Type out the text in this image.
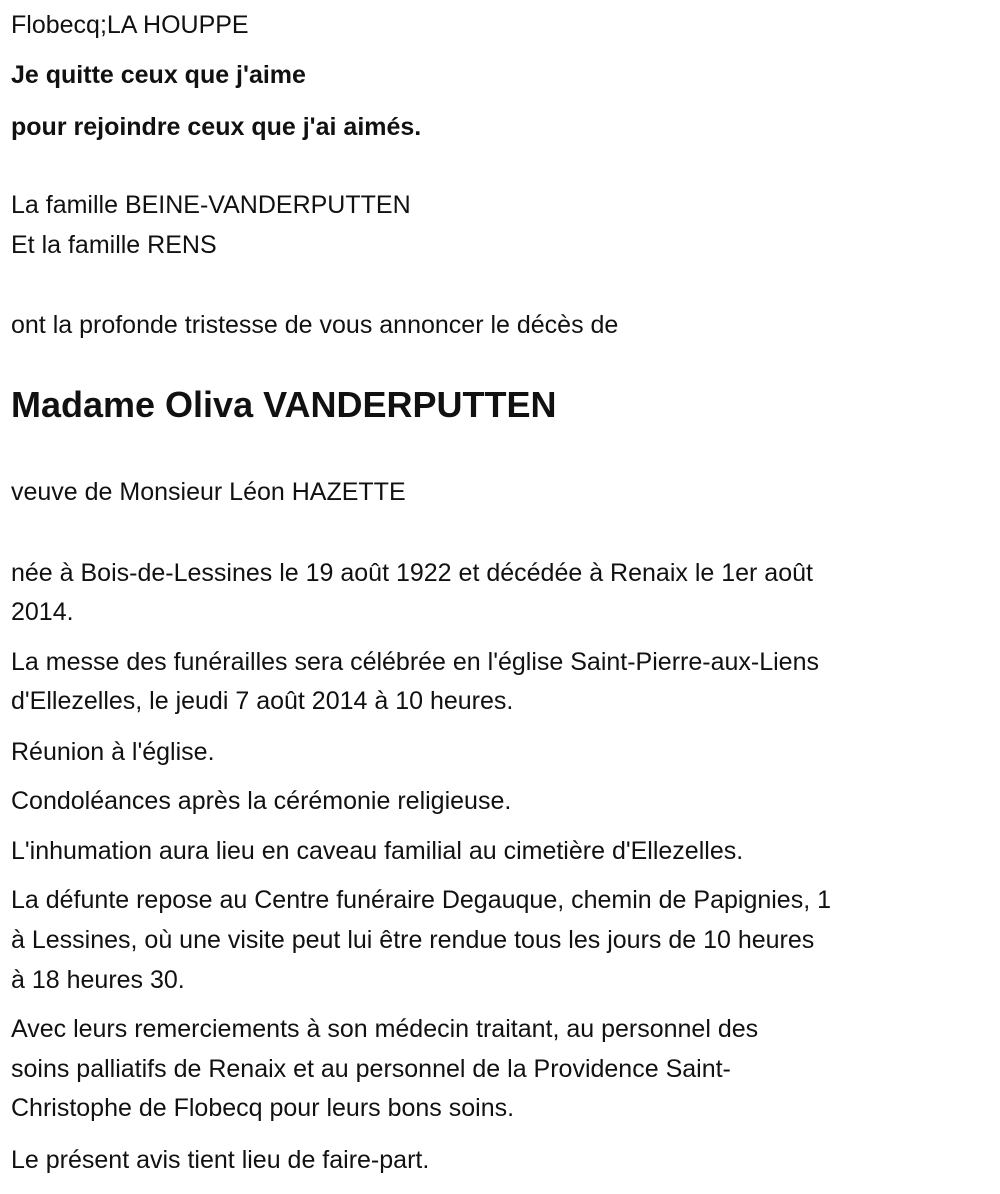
Flobecq;LA HOUPPE
Je quitte ceux que j'aime
pour rejoindre ceux que j'ai aimés.
La famille BEINE-VANDERPUTTEN
Et la famille RENS
ont la profonde tristesse de vous annoncer le décès de
Madame Oliva VANDERPUTTEN
veuve de Monsieur Léon HAZETTE
née à Bois-de-Lessines le 19 août 1922 et décédée à Renaix le 1er août
2014.
La messe des funérailles sera célébrée en l'église Saint-Pierre-aux-Liens
d'Ellezelles, le jeudi 7 août 2014 à 10 heures.
Réunion à l'église.
Condoléances après la cérémonie religieuse.
L'inhumation aura lieu en caveau familial au cimetière d'Ellezelles.
La défunte repose au Centre funéraire Degauque, chemin de Papignies, 1
à Lessines, où une visite peut lui être rendue tous les jours de 10 heures
à 18 heures 30.
Avec leurs remerciements à son médecin traitant, au personnel des
soins palliatifs de Renaix et au personnel de la Providence Saint-
Christophe de Flobecq pour leurs bons soins.
Le présent avis tient lieu de faire-part.
